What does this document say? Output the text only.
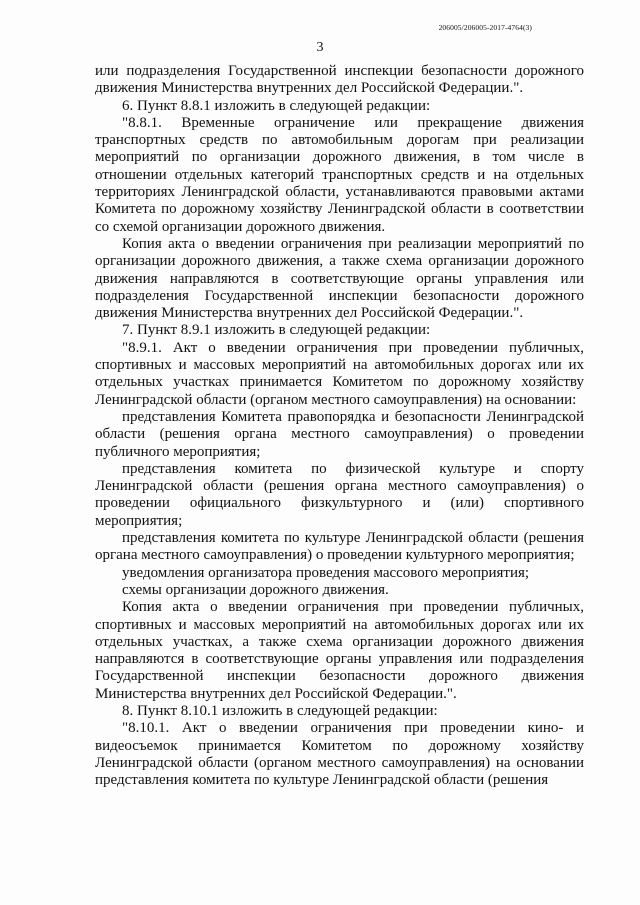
206005/206005-2017-4764(3)
3

или подразделения Государственной инспекции безопасности дорожного движения Министерства внутренних дел Российской Федерации.".

6. Пункт 8.8.1 изложить в следующей редакции:

"8.8.1. Временные ограничение или прекращение движения транспортных средств по автомобильным дорогам при реализации мероприятий по организации дорожного движения, в том числе в отношении отдельных категорий транспортных средств и на отдельных территориях Ленинградской области, устанавливаются правовыми актами Комитета по дорожному хозяйству Ленинградской области в соответствии со схемой организации дорожного движения.

Копия акта о введении ограничения при реализации мероприятий по организации дорожного движения, а также схема организации дорожного движения направляются в соответствующие органы управления или подразделения Государственной инспекции безопасности дорожного движения Министерства внутренних дел Российской Федерации.".

7. Пункт 8.9.1 изложить в следующей редакции:

"8.9.1. Акт о введении ограничения при проведении публичных, спортивных и массовых мероприятий на автомобильных дорогах или их отдельных участках принимается Комитетом по дорожному хозяйству Ленинградской области (органом местного самоуправления) на основании:

представления Комитета правопорядка и безопасности Ленинградской области (решения органа местного самоуправления) о проведении публичного мероприятия;

представления комитета по физической культуре и спорту Ленинградской области (решения органа местного самоуправления) о проведении официального физкультурного и (или) спортивного мероприятия;

представления комитета по культуре Ленинградской области (решения органа местного самоуправления) о проведении культурного мероприятия;

уведомления организатора проведения массового мероприятия;

схемы организации дорожного движения.

Копия акта о введении ограничения при проведении публичных, спортивных и массовых мероприятий на автомобильных дорогах или их отдельных участках, а также схема организации дорожного движения направляются в соответствующие органы управления или подразделения Государственной инспекции безопасности дорожного движения Министерства внутренних дел Российской Федерации.".

8. Пункт 8.10.1 изложить в следующей редакции:

"8.10.1. Акт о введении ограничения при проведении кино- и видеосъемок принимается Комитетом по дорожному хозяйству Ленинградской области (органом местного самоуправления) на основании представления комитета по культуре Ленинградской области (решения
